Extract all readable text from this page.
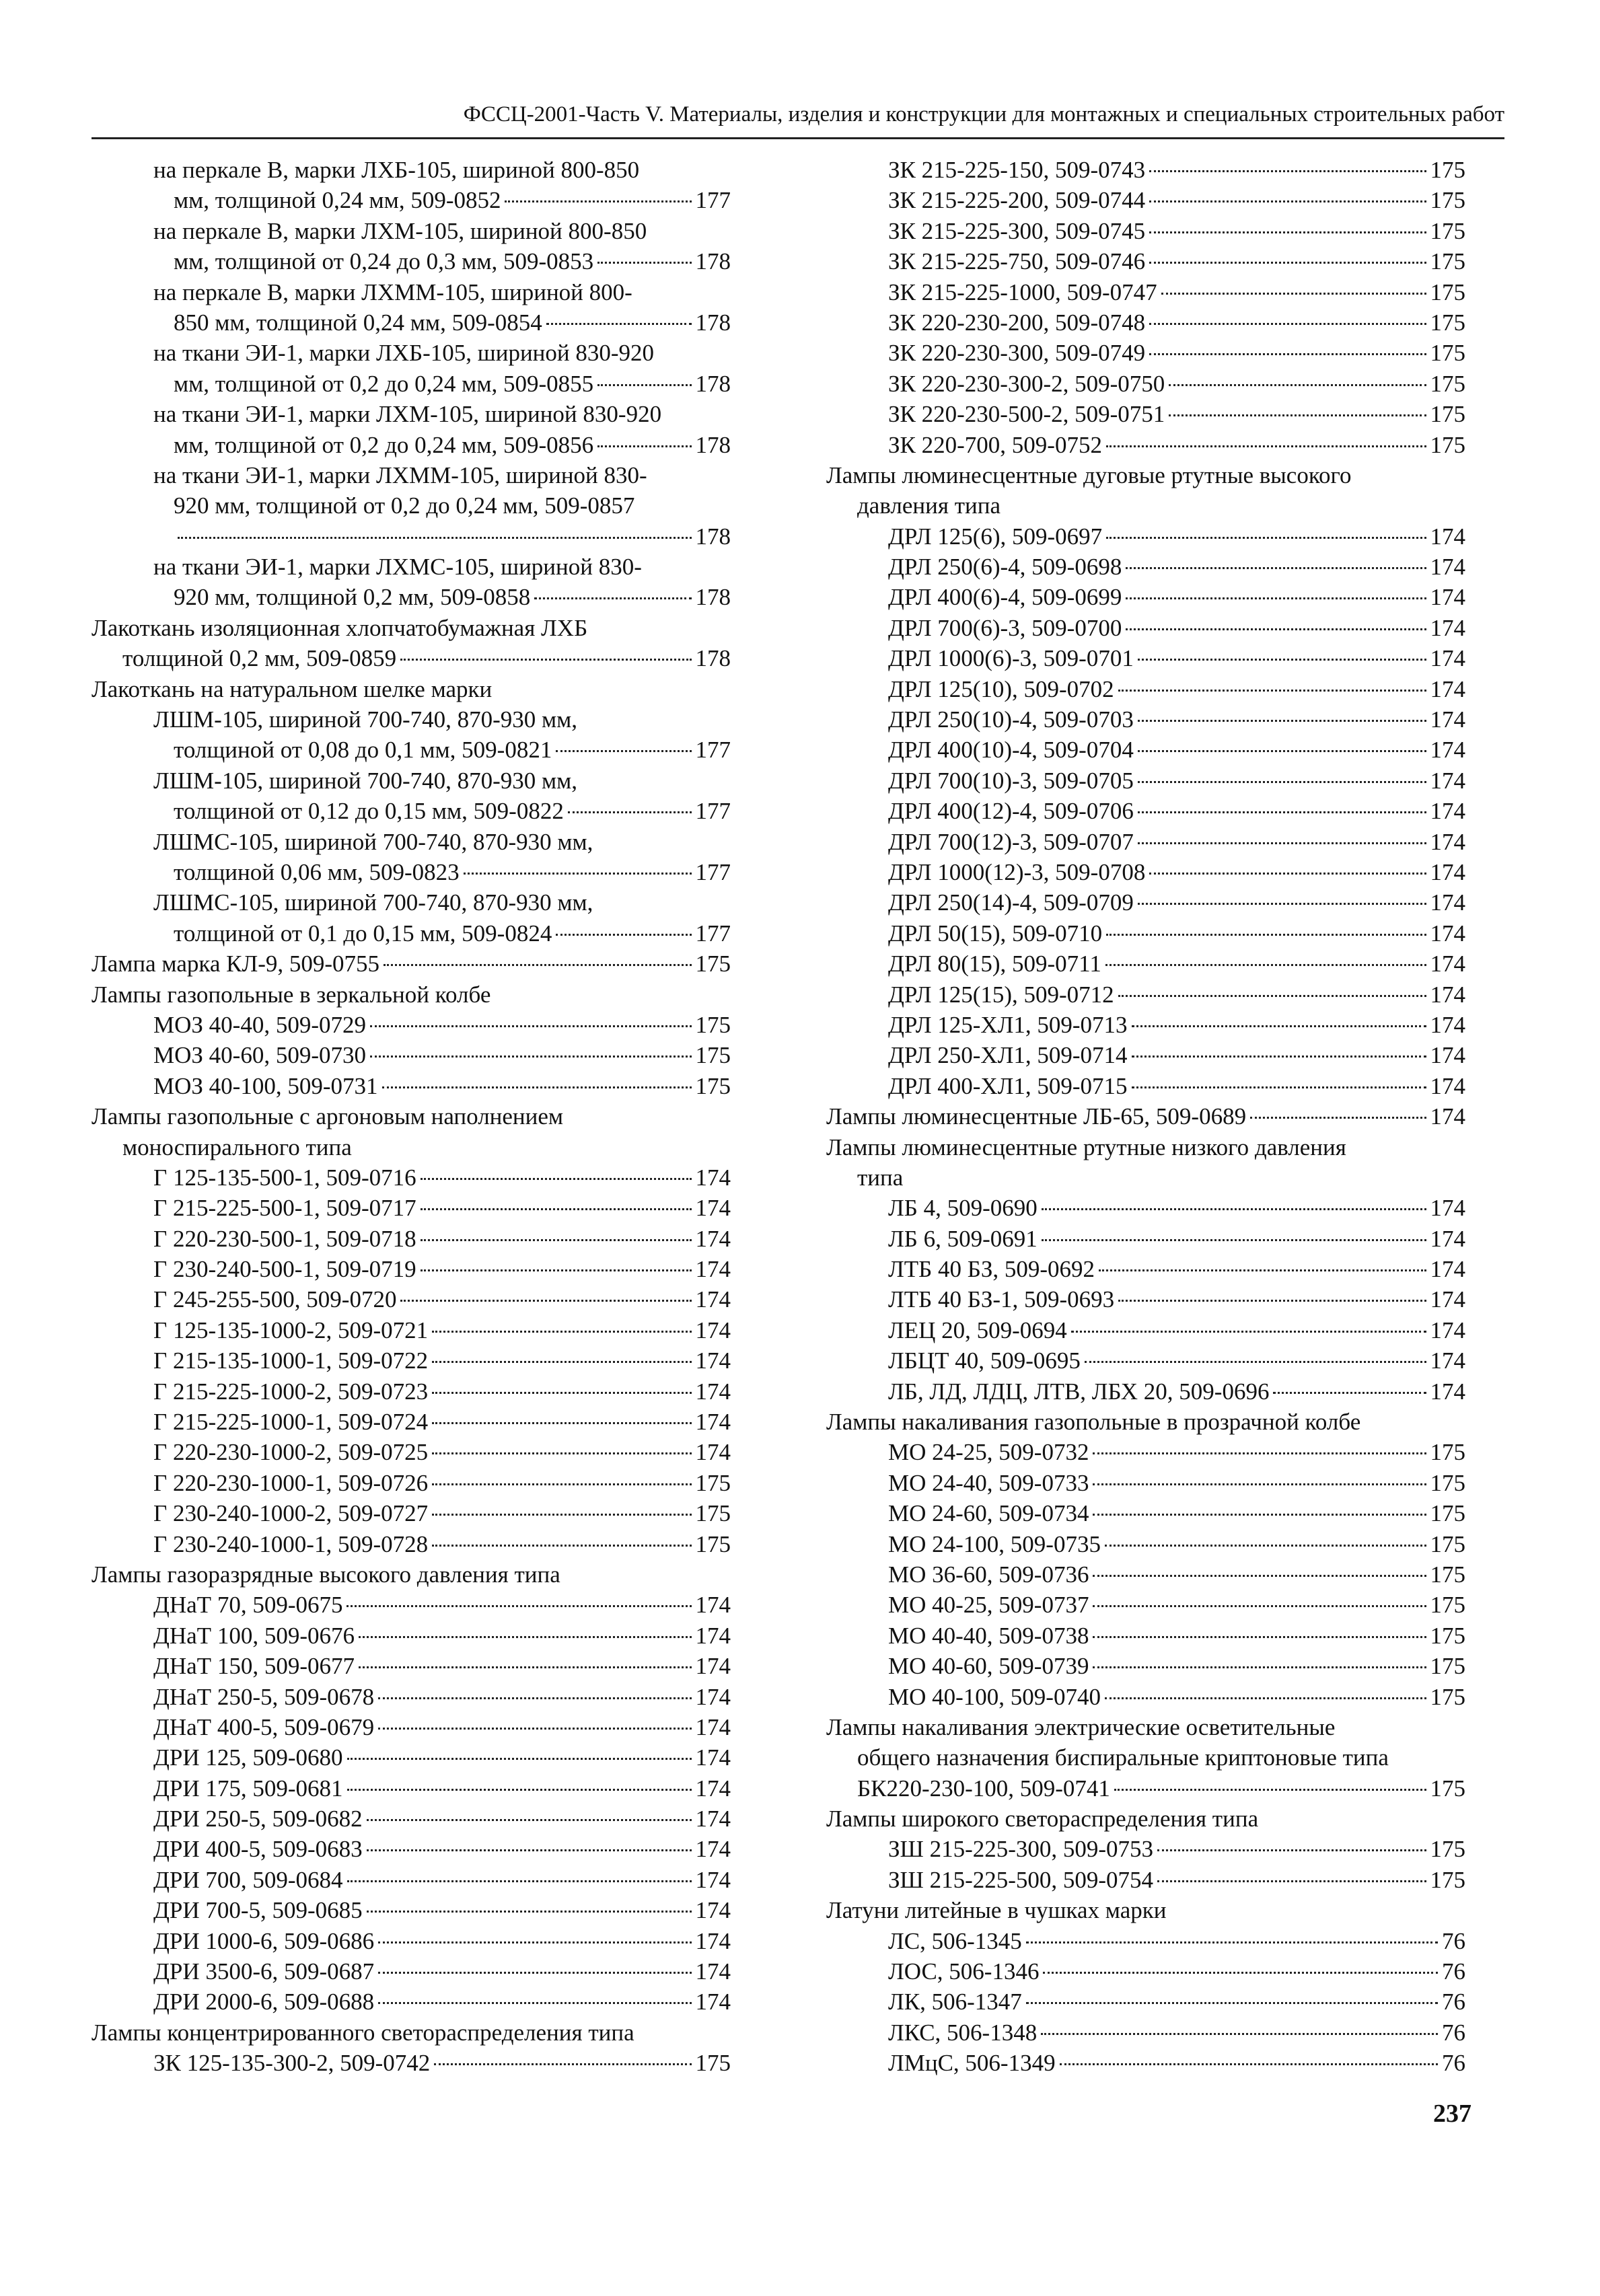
ФССЦ-2001-Часть V. Материалы, изделия и конструкции для монтажных и специальных строительных работ
на перкале В, марки ЛХБ-105, шириной 800-850
мм, толщиной 0,24 мм, 509-0852	177
на перкале В, марки ЛХМ-105, шириной 800-850
мм, толщиной от 0,24 до 0,3 мм, 509-0853	178
на перкале В, марки ЛХММ-105, шириной 800-
850 мм, толщиной 0,24 мм, 509-0854	178
на ткани ЭИ-1, марки ЛХБ-105, шириной 830-920
мм, толщиной от 0,2 до 0,24 мм, 509-0855	178
на ткани ЭИ-1, марки ЛХМ-105, шириной 830-920
мм, толщиной от 0,2 до 0,24 мм, 509-0856	178
на ткани ЭИ-1, марки ЛХММ-105, шириной 830-
920 мм, толщиной от 0,2 до 0,24 мм, 509-0857
178
на ткани ЭИ-1, марки ЛХМС-105, шириной 830-
920 мм, толщиной 0,2 мм, 509-0858	178
Лакоткань изоляционная хлопчатобумажная ЛХБ
толщиной 0,2 мм, 509-0859	178
Лакоткань на натуральном шелке марки
ЛШМ-105, шириной 700-740, 870-930 мм,
толщиной от 0,08 до 0,1 мм, 509-0821	177
ЛШМ-105, шириной 700-740, 870-930 мм,
толщиной от 0,12 до 0,15 мм, 509-0822	177
ЛШМС-105, шириной 700-740, 870-930 мм,
толщиной 0,06 мм, 509-0823	177
ЛШМС-105, шириной 700-740, 870-930 мм,
толщиной от 0,1 до 0,15 мм, 509-0824	177
Лампа марка КЛ-9, 509-0755	175
Лампы газопольные в зеркальной колбе
МОЗ 40-40, 509-0729	175
МОЗ 40-60, 509-0730	175
МОЗ 40-100, 509-0731	175
Лампы газопольные с аргоновым наполнением
моноспирального типа
Г 125-135-500-1, 509-0716	174
Г 215-225-500-1, 509-0717	174
Г 220-230-500-1, 509-0718	174
Г 230-240-500-1, 509-0719	174
Г 245-255-500, 509-0720	174
Г 125-135-1000-2, 509-0721	174
Г 215-135-1000-1, 509-0722	174
Г 215-225-1000-2, 509-0723	174
Г 215-225-1000-1, 509-0724	174
Г 220-230-1000-2, 509-0725	174
Г 220-230-1000-1, 509-0726	175
Г 230-240-1000-2, 509-0727	175
Г 230-240-1000-1, 509-0728	175
Лампы газоразрядные высокого давления типа
ДНаТ 70, 509-0675	174
ДНаТ 100, 509-0676	174
ДНаТ 150, 509-0677	174
ДНаТ 250-5, 509-0678	174
ДНаТ 400-5, 509-0679	174
ДРИ 125, 509-0680	174
ДРИ 175, 509-0681	174
ДРИ 250-5, 509-0682	174
ДРИ 400-5, 509-0683	174
ДРИ 700, 509-0684	174
ДРИ 700-5, 509-0685	174
ДРИ 1000-6, 509-0686	174
ДРИ 3500-6, 509-0687	174
ДРИ 2000-6, 509-0688	174
Лампы концентрированного светораспределения типа
ЗК 125-135-300-2, 509-0742	175
ЗК 215-225-150, 509-0743	175
ЗК 215-225-200, 509-0744	175
ЗК 215-225-300, 509-0745	175
ЗК 215-225-750, 509-0746	175
ЗК 215-225-1000, 509-0747	175
ЗК 220-230-200, 509-0748	175
ЗК 220-230-300, 509-0749	175
ЗК 220-230-300-2, 509-0750	175
ЗК 220-230-500-2, 509-0751	175
ЗК 220-700, 509-0752	175
Лампы люминесцентные дуговые ртутные высокого
давления типа
ДРЛ 125(6), 509-0697	174
ДРЛ 250(6)-4, 509-0698	174
ДРЛ 400(6)-4, 509-0699	174
ДРЛ 700(6)-3, 509-0700	174
ДРЛ 1000(6)-3, 509-0701	174
ДРЛ 125(10), 509-0702	174
ДРЛ 250(10)-4, 509-0703	174
ДРЛ 400(10)-4, 509-0704	174
ДРЛ 700(10)-3, 509-0705	174
ДРЛ 400(12)-4, 509-0706	174
ДРЛ 700(12)-3, 509-0707	174
ДРЛ 1000(12)-3, 509-0708	174
ДРЛ 250(14)-4, 509-0709	174
ДРЛ 50(15), 509-0710	174
ДРЛ 80(15), 509-0711	174
ДРЛ 125(15), 509-0712	174
ДРЛ 125-ХЛ1, 509-0713	174
ДРЛ 250-ХЛ1, 509-0714	174
ДРЛ 400-ХЛ1, 509-0715	174
Лампы люминесцентные ЛБ-65, 509-0689	174
Лампы люминесцентные ртутные низкого давления
типа
ЛБ 4, 509-0690	174
ЛБ 6, 509-0691	174
ЛТБ 40 БЗ, 509-0692	174
ЛТБ 40 БЗ-1, 509-0693	174
ЛЕЦ 20, 509-0694	174
ЛБЦТ 40, 509-0695	174
ЛБ, ЛД, ЛДЦ, ЛТВ, ЛБХ 20, 509-0696	174
Лампы накаливания газопольные в прозрачной колбе
МО 24-25, 509-0732	175
МО 24-40, 509-0733	175
МО 24-60, 509-0734	175
МО 24-100, 509-0735	175
МО 36-60, 509-0736	175
МО 40-25, 509-0737	175
МО 40-40, 509-0738	175
МО 40-60, 509-0739	175
МО 40-100, 509-0740	175
Лампы накаливания электрические осветительные
общего назначения биспиральные криптоновые типа
БК220-230-100, 509-0741	175
Лампы широкого светораспределения типа
ЗШ 215-225-300, 509-0753	175
ЗШ 215-225-500, 509-0754	175
Латуни литейные в чушках марки
ЛС, 506-1345	76
ЛОС, 506-1346	76
ЛК, 506-1347	76
ЛКС, 506-1348	76
ЛМцС, 506-1349	76
237
